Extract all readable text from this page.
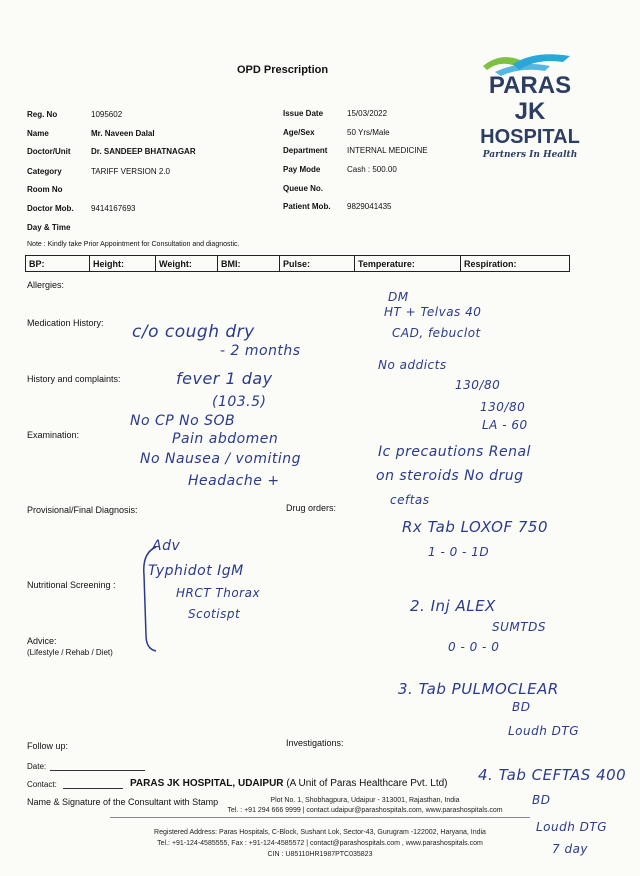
PARAS
JK
HOSPITAL
Partners In Health
OPD Prescription
Reg. No	1095602
Name	Mr. Naveen Dalal
Doctor/Unit	Dr. SANDEEP BHATNAGAR
Category	TARIFF VERSION 2.0
Room No
Doctor Mob. 9414167693
Day & Time
Issue Date	15/03/2022
Age/Sex	50 Yrs/Male
Department INTERNAL MEDICINE
Pay Mode	Cash : 500.00
Queue No.
Patient Mob. 9829041435
Note : Kindly take Prior Appointment for Consultation and diagnostic.
BP:	Height:	Weight:	BMI:	Pulse:	Temperature:	Respiration:
Allergies:
Medication History:
History and complaints:
Examination:
Provisional/Final Diagnosis:	Drug orders:
Nutritional Screening :
Advice:
(Lifestyle / Rehab / Diet)
Follow up:	Investigations:
Date:
Contact:
Name & Signature of the Consultant with Stamp
c/o cough dry
- 2 months
fever 1 day
(103.5)
No CP No SOB
Pain abdomen
No Nausea / vomiting
Headache +
DM
HT + Telvas 40
CAD, febuclot
No addicts
130/80
130/80
LA - 60
Ic precautions Renal
on steroids No drug
ceftas
Adv
Typhidot IgM
HRCT Thorax
Scotispt
Rx Tab LOXOF 750
1 - 0 - 1D
2. Inj ALEX
SUMTDS
0 - 0 - 0
3. Tab PULMOCLEAR
BD
Loudh DTG
4. Tab CEFTAS 400
BD
Loudh DTG
7 day
PARAS JK HOSPITAL, UDAIPUR (A Unit of Paras Healthcare Pvt. Ltd)
Plot No. 1, Shobhagpura, Udaipur - 313001, Rajasthan, India
Tel. : +91 294 666 9999 | contact.udaipur@parashospitals.com, www.parashospitals.com
Registered Address: Paras Hospitals, C-Block, Sushant Lok, Sector-43, Gurugram -122002, Haryana, India
Tel.: +91-124-4585555, Fax : +91-124-4585572 | contact@parashospitals.com , www.parashospitals.com
CIN : U85110HR1987PTC035823
